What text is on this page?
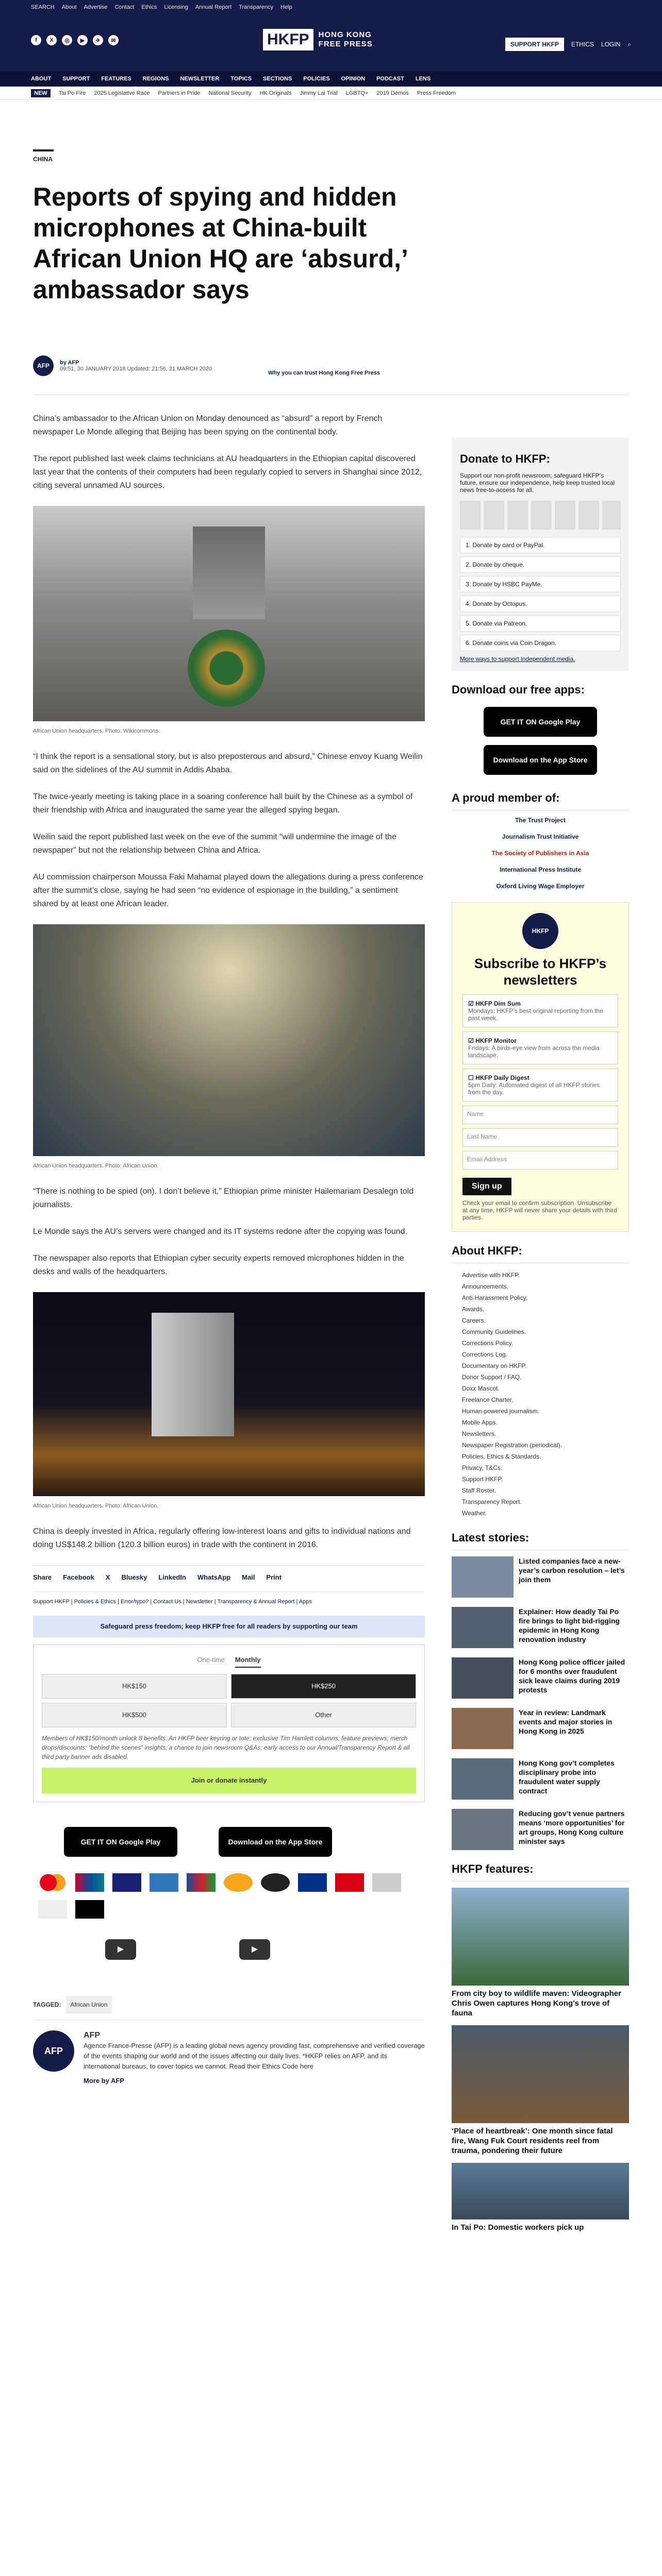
SEARCH About Advertise Contact Ethics Licensing Annual Report Transparency Help
f	X	◎	▶	✈	✉	HKFP	HONG KONG
FREE PRESS	SUPPORT HKFP	ETHICS LOGIN ⌕
ABOUT SUPPORT FEATURES REGIONS NEWSLETTER TOPICS SECTIONS POLICIES OPINION PODCAST LENS
NEW	Tai Po Fire 2025 Legislative Race Partners in Pride National Security HK Originals Jimmy Lai Trial LGBTQ+ 2019 Demos Press Freedom
CHINA
Reports of spying and hidden microphones at China-built African Union HQ are ‘absurd,’ ambassador says
AFP	by AFP
09:51, 30 JANUARY 2018 Updated: 21:56, 21 MARCH 2020
Why you can trust Hong Kong Free Press

China’s ambassador to the African Union on Monday denounced as “absurd” a report by French newspaper Le Monde alleging that Beijing has been spying on the continental body.

The report published last week claims technicians at AU headquarters in the Ethiopian capital discovered last year that the contents of their computers had been regularly copied to servers in Shanghai since 2012, citing several unnamed AU sources.

African Union headquarters. Photo: Wikicommons.

“I think the report is a sensational story, but is also preposterous and absurd,” Chinese envoy Kuang Weilin said on the sidelines of the AU summit in Addis Ababa.

The twice-yearly meeting is taking place in a soaring conference hall built by the Chinese as a symbol of their friendship with Africa and inaugurated the same year the alleged spying began.

Weilin said the report published last week on the eve of the summit “will undermine the image of the newspaper” but not the relationship between China and Africa.

AU commission chairperson Moussa Faki Mahamat played down the allegations during a press conference after the summit’s close, saying he had seen “no evidence of espionage in the building,” a sentiment shared by at least one African leader.

African Union headquarters. Photo: African Union.

“There is nothing to be spied (on). I don’t believe it,” Ethiopian prime minister Hailemariam Desalegn told journalists.

Le Monde says the AU’s servers were changed and its IT systems redone after the copying was found.

The newspaper also reports that Ethiopian cyber security experts removed microphones hidden in the desks and walls of the headquarters.

African Union headquarters. Photo: African Union.

China is deeply invested in Africa, regularly offering low-interest loans and gifts to individual nations and doing US$148.2 billion (120.3 billion euros) in trade with the continent in 2016.

Share Facebook X Bluesky LinkedIn WhatsApp Mail Print
Support HKFP | Policies & Ethics | Error/typo? | Contact Us | Newsletter | Transparency & Annual Report | Apps
Safeguard press freedom; keep HKFP free for all readers by supporting our team
One-time Monthly
HK$150	HK$250
HK$500	Other
Members of HK$150/month unlock 8 benefits: An HKFP beer keyring or tote; exclusive Tim Hamlett columns; feature previews; merch drops/discounts; “behind the scenes” insights; a chance to join newsroom Q&As; early access to our Annual/Transparency Report & all third party banner ads disabled.
Join or donate instantly
GET IT ON Google Play	Download on the App Store
▶	▶
TAGGED:	African Union
AFP
AFP
Agence France-Presse (AFP) is a leading global news agency providing fast, comprehensive and verified coverage of the events shaping our world and of the issues affecting our daily lives. *HKFP relies on AFP, and its international bureaus, to cover topics we cannot. Read their Ethics Code here
More by AFP
Donate to HKFP:
Support our non-profit newsroom; safeguard HKFP’s future, ensure our independence, help keep trusted local news free-to-access for all.
1. Donate by card or PayPal.
2. Donate by cheque.
3. Donate by HSBC PayMe.
4. Donate by Octopus.
5. Donate via Patreon.
6. Donate coins via Coin Dragon.
More ways to support independent media.
Download our free apps:
GET IT ON Google Play Download on the App Store
A proud member of:
The Trust Project
Journalism Trust Initiative
The Society of Publishers in Asia
International Press Institute
Oxford Living Wage Employer
HKFP
Subscribe to HKFP’s newsletters
☑ HKFP Dim Sum
Mondays: HKFP’s best original reporting from the past week.
☑ HKFP Monitor
Fridays: A birds-eye view from across the media landscape.
☐ HKFP Daily Digest
5pm Daily: Automated digest of all HKFP stories from the day.
Name
Last Name
Email Address
Sign up
Check your email to confirm subscription. Unsubscribe at any time. HKFP will never share your details with third parties.
About HKFP:
Advertise with HKFP.
Announcements.
Anti-Harassment Policy.
Awards.
Careers.
Community Guidelines.
Corrections Policy.
Corrections Log.
Documentary on HKFP.
Donor Support / FAQ.
Doxx Mascot.
Freelance Charter.
Human-powered journalism.
Mobile Apps.
Newsletters.
Newspaper Registration (periodical).
Policies, Ethics & Standards.
Privacy, T&Cs.
Support HKFP.
Staff Roster.
Transparency Report.
Weather.
Latest stories:
Listed companies face a new-year’s carbon resolution – let’s join them
Explainer: How deadly Tai Po fire brings to light bid-rigging epidemic in Hong Kong renovation industry
Hong Kong police officer jailed for 6 months over fraudulent sick leave claims during 2019 protests
Year in review: Landmark events and major stories in Hong Kong in 2025
Hong Kong gov’t completes disciplinary probe into fraudulent water supply contract
Reducing gov’t venue partners means ‘more opportunities’ for art groups, Hong Kong culture minister says
HKFP features:
From city boy to wildlife maven: Videographer Chris Owen captures Hong Kong’s trove of fauna
‘Place of heartbreak’: One month since fatal fire, Wang Fuk Court residents reel from trauma, pondering their future
In Tai Po: Domestic workers pick up
